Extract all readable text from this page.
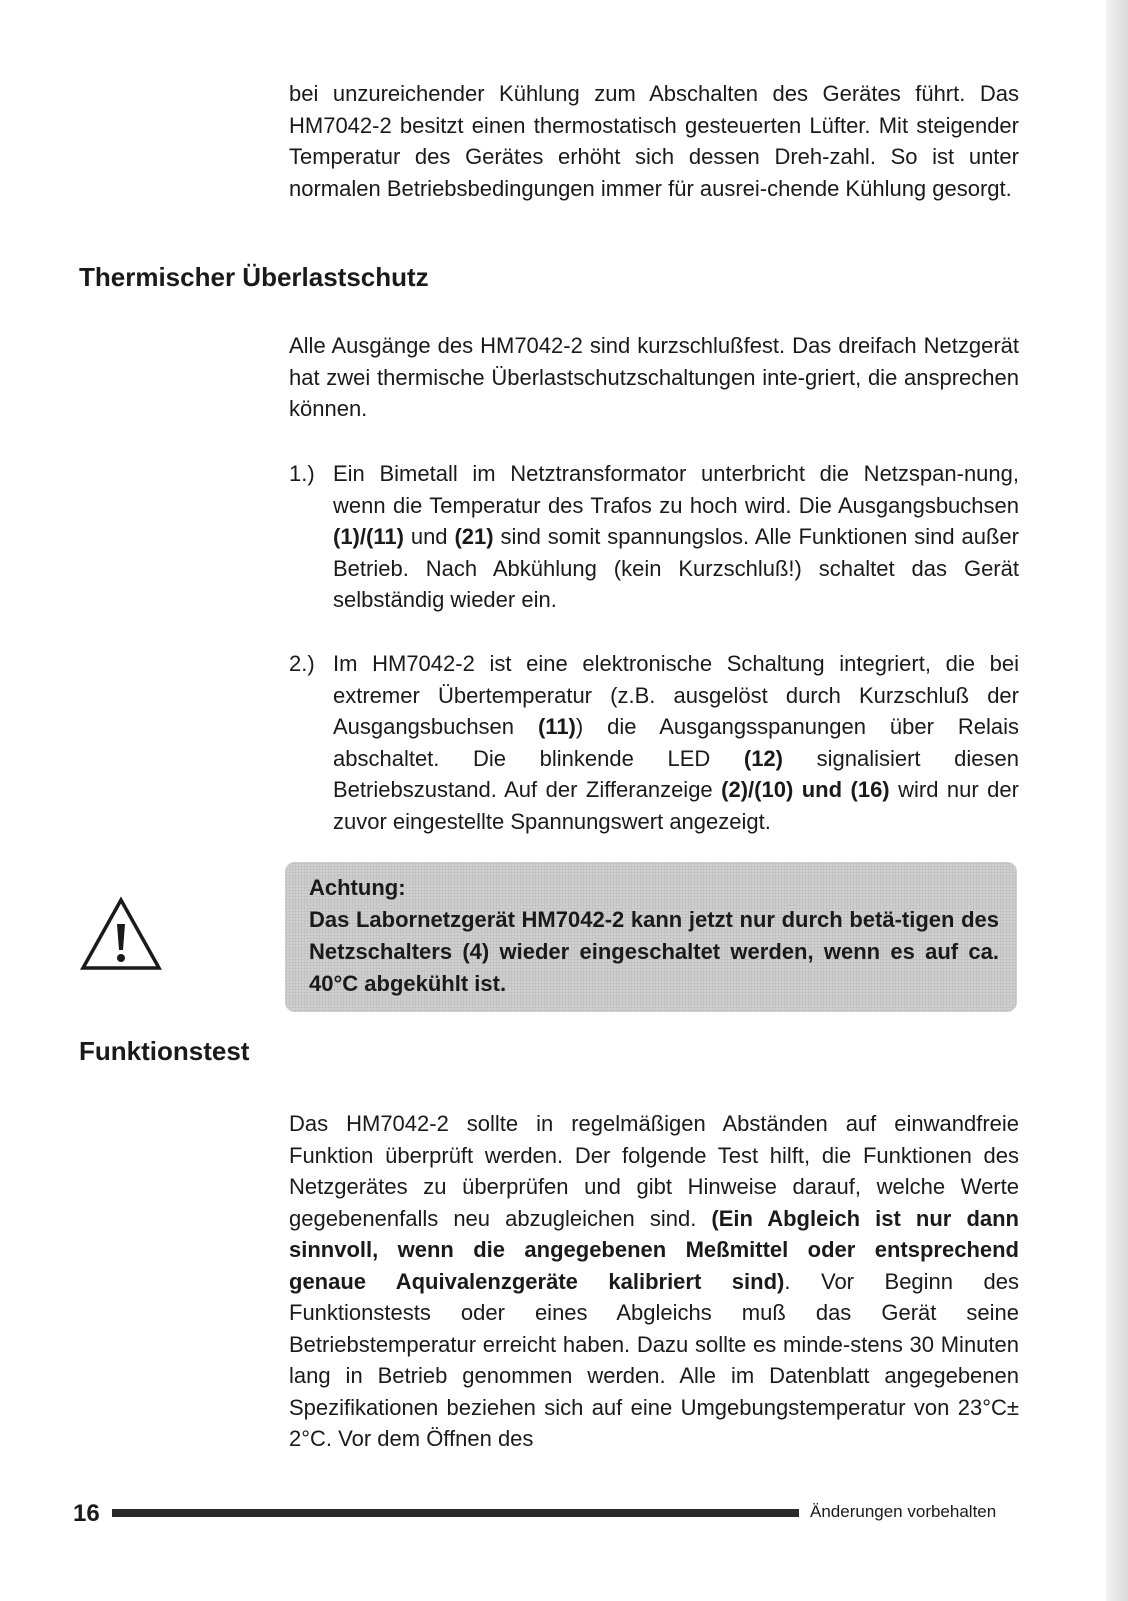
bei unzureichender Kühlung zum Abschalten des Gerätes führt. Das HM7042-2 besitzt einen thermostatisch gesteuerten Lüfter. Mit steigender Temperatur des Gerätes erhöht sich dessen Dreh-zahl. So ist unter normalen Betriebsbedingungen immer für ausrei-chende Kühlung gesorgt.

Thermischer Überlastschutz

Alle Ausgänge des HM7042-2 sind kurzschlußfest. Das dreifach Netzgerät hat zwei thermische Überlastschutzschaltungen inte-griert, die ansprechen können.

1.) Ein Bimetall im Netztransformator unterbricht die Netzspan-nung, wenn die Temperatur des Trafos zu hoch wird. Die Ausgangsbuchsen (1)/(11) und (21) sind somit spannungslos. Alle Funktionen sind außer Betrieb. Nach Abkühlung (kein Kurzschluß!) schaltet das Gerät selbständig wieder ein.
2.) Im HM7042-2 ist eine elektronische Schaltung integriert, die bei extremer Übertemperatur (z.B. ausgelöst durch Kurzschluß der Ausgangsbuchsen (11)) die Ausgangsspanungen über Relais abschaltet. Die blinkende LED (12) signalisiert diesen Betriebszustand. Auf der Zifferanzeige (2)/(10) und (16) wird nur der zuvor eingestellte Spannungswert angezeigt.
Achtung:
Das Labornetzgerät HM7042-2 kann jetzt nur durch betä-tigen des Netzschalters (4) wieder eingeschaltet werden, wenn es auf ca. 40°C abgekühlt ist.
Funktionstest

Das HM7042-2 sollte in regelmäßigen Abständen auf einwandfreie Funktion überprüft werden. Der folgende Test hilft, die Funktionen des Netzgerätes zu überprüfen und gibt Hinweise darauf, welche Werte gegebenenfalls neu abzugleichen sind. (Ein Abgleich ist nur dann sinnvoll, wenn die angegebenen Meßmittel oder entsprechend genaue Aquivalenzgeräte kalibriert sind). Vor Beginn des Funktionstests oder eines Abgleichs muß das Gerät seine Betriebstemperatur erreicht haben. Dazu sollte es minde-stens 30 Minuten lang in Betrieb genommen werden. Alle im Datenblatt angegebenen Spezifikationen beziehen sich auf eine Umgebungstemperatur von 23°C± 2°C. Vor dem Öffnen des

16	Änderungen vorbehalten
